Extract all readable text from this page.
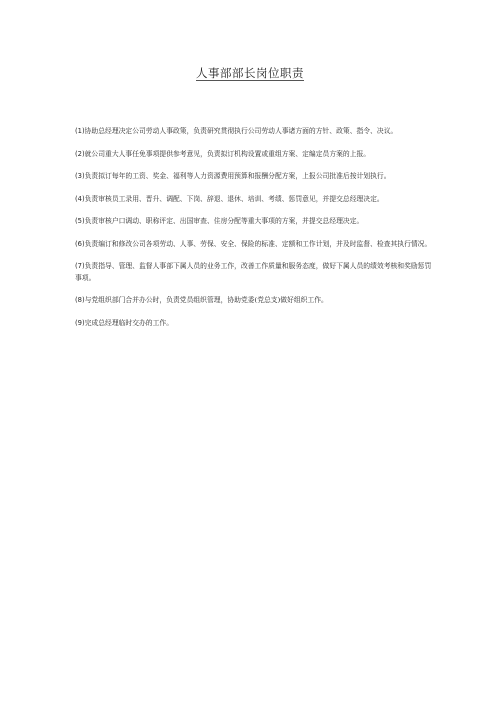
人事部部长岗位职责

(1)协助总经理决定公司劳动人事政策，负责研究贯彻执行公司劳动人事诸方面的方针、政策、指令、决议。

(2)就公司重大人事任免事项提供参考意见，负责拟订机构设置或重组方案、定编定员方案的上报。

(3)负责拟订每年的工资、奖金、福利等人力资源费用预算和报酬分配方案，上报公司批准后按计划执行。

(4)负责审核员工录用、晋升、调配、下岗、辞退、退休、培训、考绩、惩罚意见，并提交总经理决定。

(5)负责审核户口调动、职称评定、出国审查、住房分配等重大事项的方案，并提交总经理决定。

(6)负责编订和修改公司各项劳动、人事、劳保、安全、保险的标准、定额和工作计划，并及时监督、检查其执行情况。

(7)负责指导、管理、监督人事部下属人员的业务工作，改善工作质量和服务态度，做好下属人员的绩效考核和奖励惩罚事项。

(8)与党组织部门合并办公时，负责党员组织管理，协助党委(党总支)做好组织工作。

(9)完成总经理临时交办的工作。
